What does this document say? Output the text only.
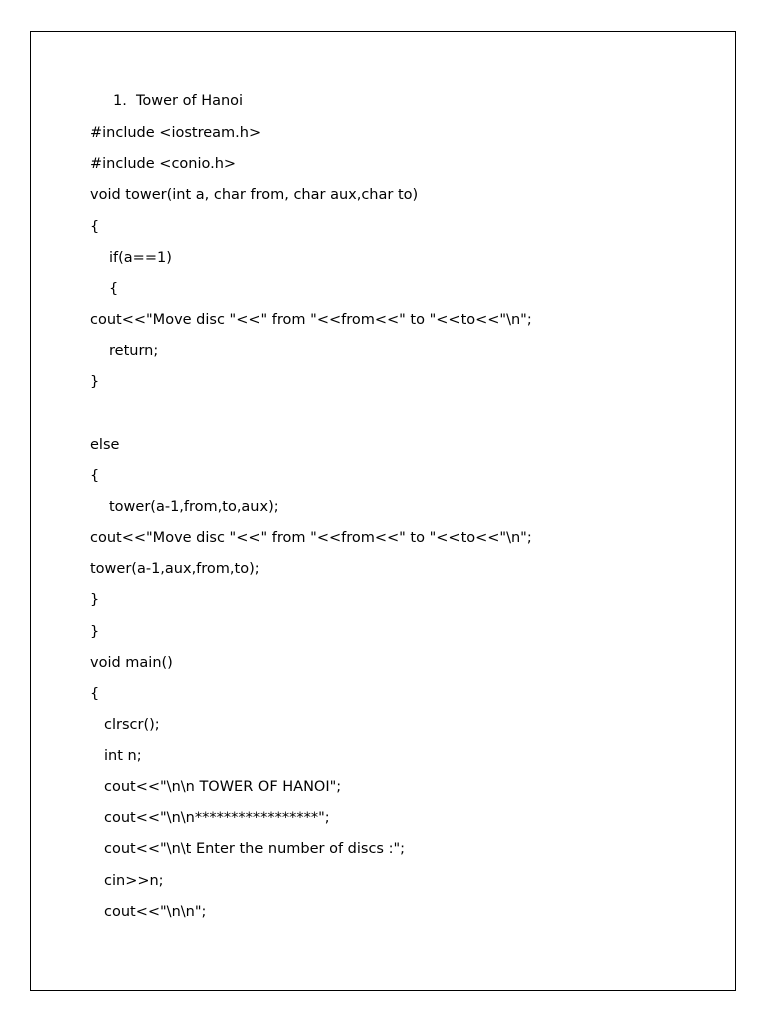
1. Tower of Hanoi
#include <iostream.h>
#include <conio.h>
void tower(int a, char from, char aux,char to)
{
if(a==1)
{
cout<<"Move disc "<<" from "<<from<<" to "<<to<<"\n";
return;
}
else
{
tower(a-1,from,to,aux);
cout<<"Move disc "<<" from "<<from<<" to "<<to<<"\n";
tower(a-1,aux,from,to);
}
}
void main()
{
clrscr();
int n;
cout<<"\n\n TOWER OF HANOI";
cout<<"\n\n*****************";
cout<<"\n\t Enter the number of discs :";
cin>>n;
cout<<"\n\n";
